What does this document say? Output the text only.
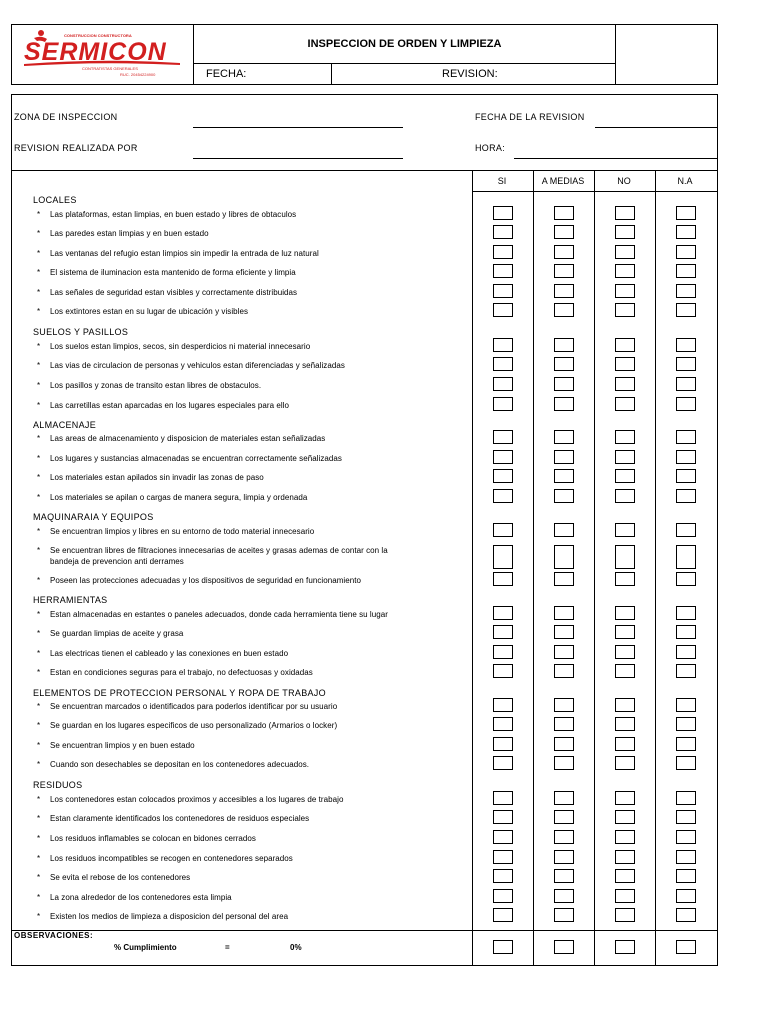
CONSTRUCCION CONSTRUCTORA
SERMICON
CONTRATISTAS GENERALES
RUC. 20454224900
INSPECCION DE ORDEN Y LIMPIEZA
FECHA:	REVISION:
ZONA DE INSPECCION	FECHA DE LA REVISION
REVISION REALIZADA POR	HORA:
SI	A MEDIAS	NO	N.A
LOCALES
* Las plataformas, estan limpias, en buen estado y libres de obtaculos
* Las paredes estan limpias y en buen estado
* Las ventanas del refugio estan limpios sin impedir la entrada de luz natural
* El sistema de iluminacion esta mantenido de forma eficiente y limpia
* Las señales de seguridad estan visibles y correctamente distribuidas
* Los extintores estan en su lugar de ubicación y visibles
SUELOS Y PASILLOS
* Los suelos estan limpios, secos, sin desperdicios ni material innecesario
* Las vias de circulacion de personas y vehiculos estan diferenciadas y señalizadas
* Los pasillos y zonas de transito estan libres de obstaculos.
* Las carretillas estan aparcadas en los lugares especiales para ello
ALMACENAJE
* Las areas de almacenamiento y disposicion de materiales estan señalizadas
* Los lugares y sustancias almacenadas se encuentran correctamente señalizadas
* Los materiales estan apilados sin invadir las zonas de paso
* Los materiales se apilan o cargas de manera segura, limpia y ordenada
MAQUINARAIA Y EQUIPOS
* Se encuentran limpios y libres en su entorno de todo material innecesario
* Se encuentran libres de filtraciones innecesarias de aceites y grasas ademas de contar con la
bandeja de prevencion anti derrames
* Poseen las protecciones adecuadas y los dispositivos de seguridad en funcionamiento
HERRAMIENTAS
* Estan almacenadas en estantes o paneles adecuados, donde cada herramienta tiene su lugar
* Se guardan limpias de aceite y grasa
* Las electricas tienen el cableado y las conexiones en buen estado
* Estan en condiciones seguras para el trabajo, no defectuosas y oxidadas
ELEMENTOS DE PROTECCION PERSONAL Y ROPA DE TRABAJO
* Se encuentran marcados o identificados para poderlos identificar por su usuario
* Se guardan en los lugares especificos de uso personalizado (Armarios o locker)
* Se encuentran limpios y en buen estado
* Cuando son desechables se depositan en los contenedores adecuados.
RESIDUOS
* Los contenedores estan colocados proximos y accesibles a los lugares de trabajo
* Estan claramente identificados los contenedores de residuos especiales
* Los residuos inflamables se colocan en bidones cerrados
* Los residuos incompatibles se recogen en contenedores separados
* Se evita el rebose de los contenedores
* La zona alrededor de los contenedores esta limpia
* Existen los medios de limpieza a disposicion del personal del area
OBSERVACIONES:
% Cumplimiento	=	0%
